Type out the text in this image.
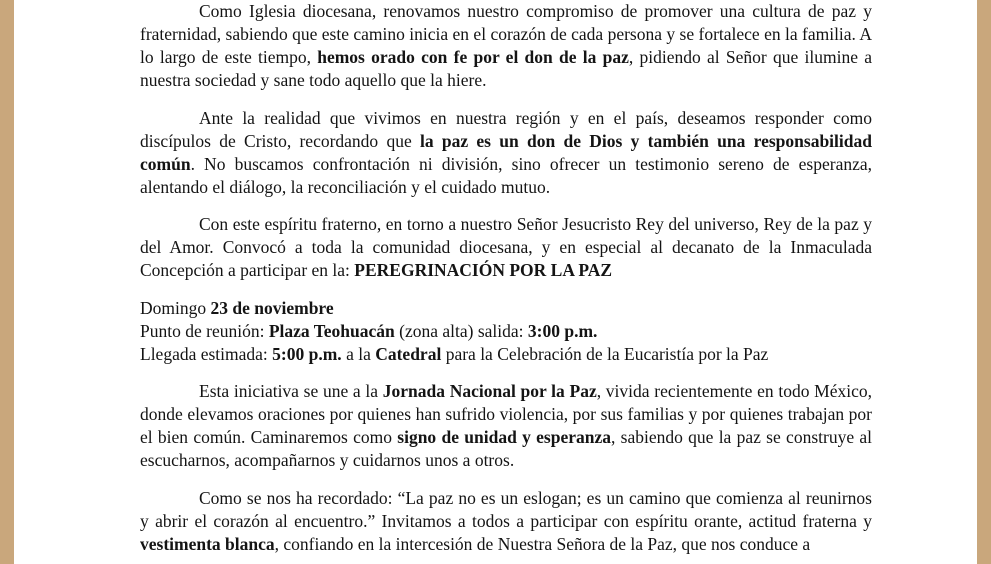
Como Iglesia diocesana, renovamos nuestro compromiso de promover una cultura de paz y fraternidad, sabiendo que este camino inicia en el corazón de cada persona y se fortalece en la familia. A lo largo de este tiempo, hemos orado con fe por el don de la paz, pidiendo al Señor que ilumine a nuestra sociedad y sane todo aquello que la hiere.

Ante la realidad que vivimos en nuestra región y en el país, deseamos responder como discípulos de Cristo, recordando que la paz es un don de Dios y también una responsabilidad común. No buscamos confrontación ni división, sino ofrecer un testimonio sereno de esperanza, alentando el diálogo, la reconciliación y el cuidado mutuo.

Con este espíritu fraterno, en torno a nuestro Señor Jesucristo Rey del universo, Rey de la paz y del Amor. Convocó a toda la comunidad diocesana, y en especial al decanato de la Inmaculada Concepción a participar en la: PEREGRINACIÓN POR LA PAZ

Domingo 23 de noviembre
Punto de reunión: Plaza Teohuacán (zona alta) salida: 3:00 p.m.
Llegada estimada: 5:00 p.m. a la Catedral para la Celebración de la Eucaristía por la Paz

Esta iniciativa se une a la Jornada Nacional por la Paz, vivida recientemente en todo México, donde elevamos oraciones por quienes han sufrido violencia, por sus familias y por quienes trabajan por el bien común. Caminaremos como signo de unidad y esperanza, sabiendo que la paz se construye al escucharnos, acompañarnos y cuidarnos unos a otros.

Como se nos ha recordado: “La paz no es un eslogan; es un camino que comienza al reunirnos y abrir el corazón al encuentro.” Invitamos a todos a participar con espíritu orante, actitud fraterna y vestimenta blanca, confiando en la intercesión de Nuestra Señora de la Paz, que nos conduce a
